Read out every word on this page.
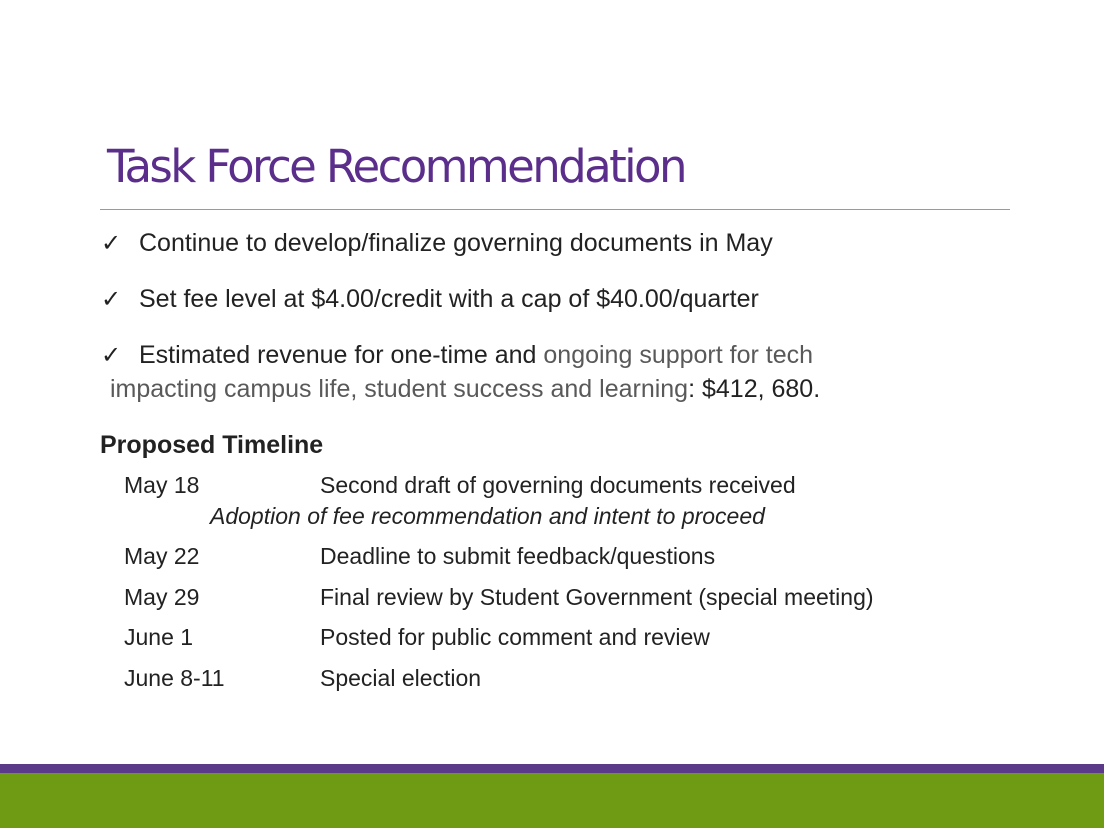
Task Force Recommendation
✓ Continue to develop/finalize governing documents in May
✓ Set fee level at $4.00/credit with a cap of $40.00/quarter
✓ Estimated revenue for one-time and ongoing support for tech
impacting campus life, student success and learning: $412, 680.
Proposed Timeline
May 18	Second draft of governing documents received
Adoption of fee recommendation and intent to proceed
May 22	Deadline to submit feedback/questions
May 29	Final review by Student Government (special meeting)
June 1	Posted for public comment and review
June 8-11	Special election
